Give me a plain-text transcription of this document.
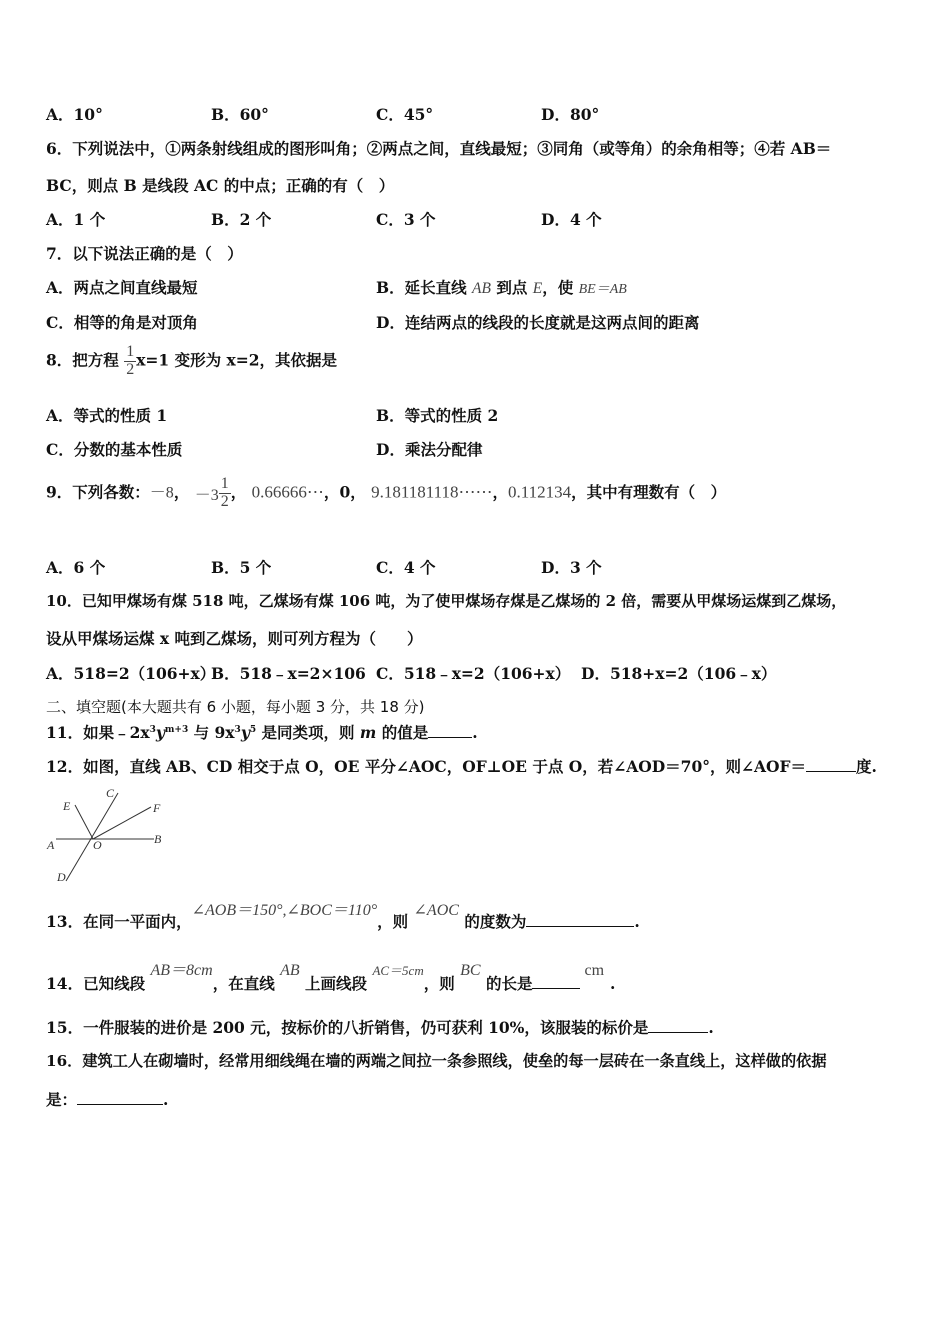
A．10°	B．60°	C．45°	D．80°
6．下列说法中，①两条射线组成的图形叫角；②两点之间，直线最短；③同角（或等角）的余角相等；④若 AB＝
BC，则点 B 是线段 AC 的中点；正确的有（　）
A．1 个	B．2 个	C．3 个	D．4 个
7．以下说法正确的是（　）
A．两点之间直线最短	B．延长直线 AB 到点 E，使 BE＝AB
C．相等的角是对顶角	D．连结两点的线段的长度就是这两点间的距离
8．把方程 $\frac{1}{2} x=1$ 变形为 x=2，其依据是
A．等式的性质 1	B．等式的性质 2
C．分数的基本性质	D．乘法分配律
9．下列各数：－8， $-3 \frac{1}{2}$ ， 0.66666⋯，0， 9.181181118⋯⋯，0.112134，其中有理数有（　）
A．6 个	B．5 个	C．4 个	D．3 个
10．已知甲煤场有煤 518 吨，乙煤场有煤 106 吨，为了使甲煤场存煤是乙煤场的 2 倍，需要从甲煤场运煤到乙煤场，
设从甲煤场运煤 x 吨到乙煤场，则可列方程为（　　）
A．518=2（106+x）
B．518﹣x=2×106 C．518﹣x=2（106+x） D．518+x=2（106﹣x）
二、填空题(本大题共有 6 小题，每小题 3 分，共 18 分)
11．如果$﹣2x^3y^{m+3}$ 与 $9x^3y^5$ 是同类项，则 m 的值是	.
12．如图，直线 AB、CD 相交于点 O，OE 平分∠AOC，OF⊥OE 于点 O，若∠AOD＝70°，则∠AOF＝	度.
A	B
C
D
E	F
O
13．在同一平面内，∠AOB＝150°,∠BOC＝110°，则 ∠AOC 的度数为	.
14．已知线段 AB＝8cm，在直线 AB 上画线段 $^{AC=5cm}$，则 BC 的长是cm.
15．一件服装的进价是 200 元，按标价的八折销售，仍可获利 10%，该服装的标价是	.
16．建筑工人在砌墙时，经常用细线绳在墙的两端之间拉一条参照线，使垒的每一层砖在一条直线上，这样做的依据
是：	.
